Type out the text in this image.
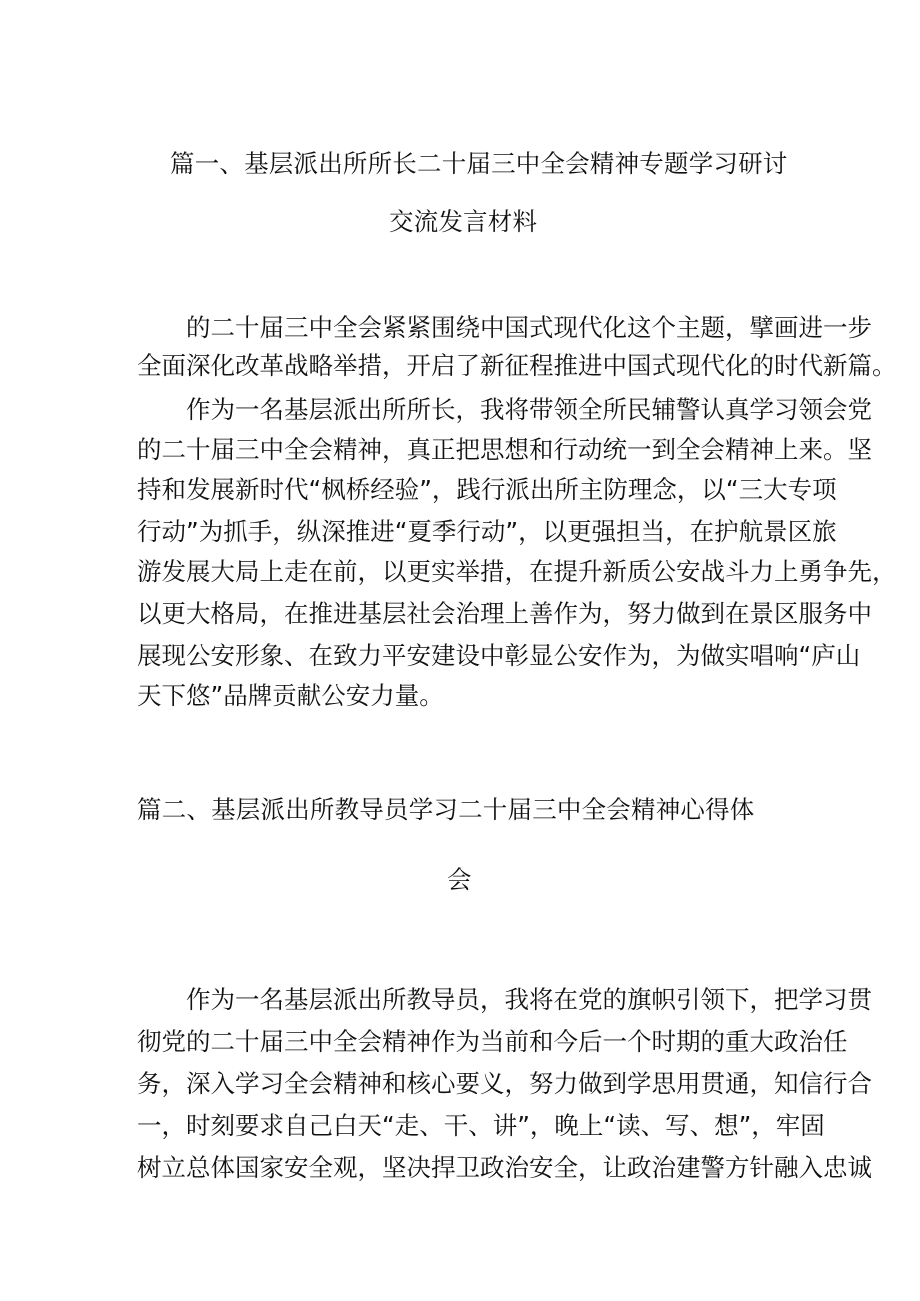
篇一、基层派出所所长二十届三中全会精神专题学习研讨
交流发言材料
的二十届三中全会紧紧围绕中国式现代化这个主题，擘画进一步
全面深化改革战略举措，开启了新征程推进中国式现代化的时代新篇。
作为一名基层派出所所长，我将带领全所民辅警认真学习领会党
的二十届三中全会精神，真正把思想和行动统一到全会精神上来。坚
持和发展新时代“枫桥经验”，践行派出所主防理念，以“三大专项
行动”为抓手，纵深推进“夏季行动”，以更强担当，在护航景区旅
游发展大局上走在前，以更实举措，在提升新质公安战斗力上勇争先，
以更大格局，在推进基层社会治理上善作为，努力做到在景区服务中
展现公安形象、在致力平安建设中彰显公安作为，为做实唱响“庐山
天下悠”品牌贡献公安力量。
篇二、基层派出所教导员学习二十届三中全会精神心得体
会
作为一名基层派出所教导员，我将在党的旗帜引领下，把学习贯
彻党的二十届三中全会精神作为当前和今后一个时期的重大政治任
务，深入学习全会精神和核心要义，努力做到学思用贯通，知信行合
一，时刻要求自己白天“走、干、讲”，晚上“读、写、想”，牢固
树立总体国家安全观，坚决捍卫政治安全，让政治建警方针融入忠诚
